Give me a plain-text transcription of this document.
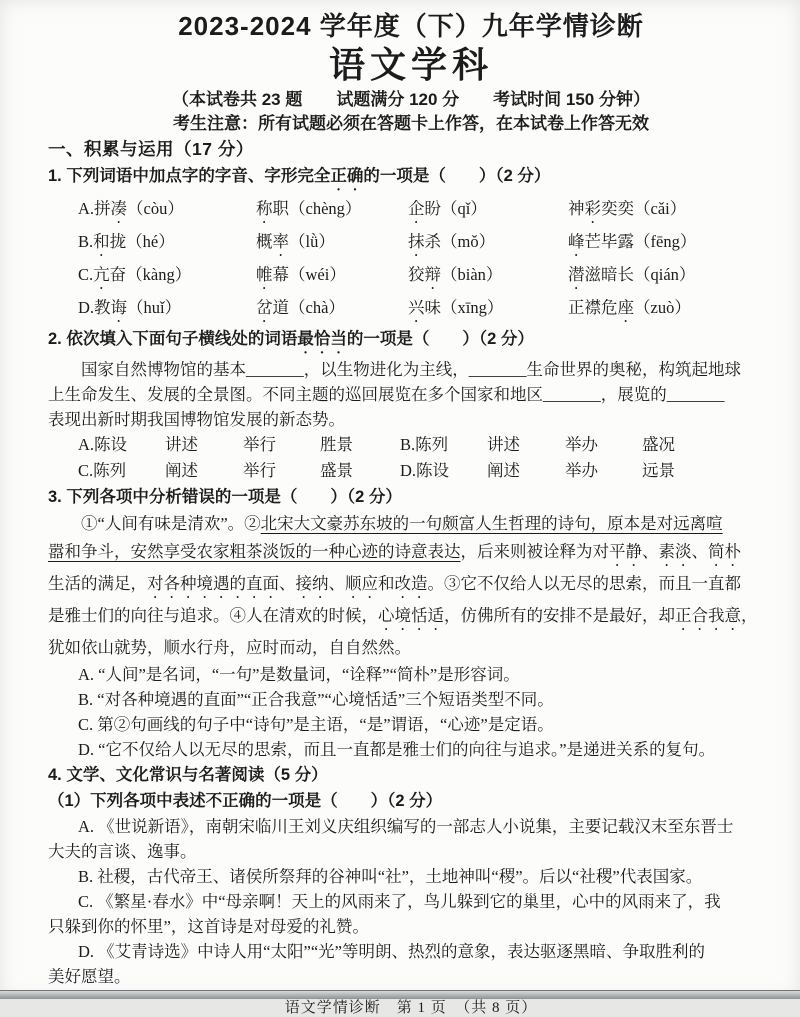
2023-2024 学年度（下）九年学情诊断
语文学科
（本试卷共 23 题　　试题满分 120 分　　考试时间 150 分钟）
考生注意：所有试题必须在答题卡上作答，在本试卷上作答无效
一、积累与运用（17 分）
1. 下列词语中加点字的字音、字形完全正确的一项是（　　）（2 分）
A.拼凑（còu）	称职（chèng）	企盼（qǐ）	神彩奕奕（cǎi）
B.和拢（hé）	概率（lǜ）	抹杀（mǒ）	峰芒毕露（fēng）
C.亢奋（kàng）	帷幕（wéi）	狡辩（biàn）	潜滋暗长（qián）
D.教诲（huǐ）	岔道（chà）	兴味（xīng）	正襟危座（zuò）
2. 依次填入下面句子横线处的词语最恰当的一项是（　　）（2 分）
国家自然博物馆的基本_______，以生物进化为主线，_______生命世界的奥秘，构筑起地球
上生命发生、发展的全景图。不同主题的巡回展览在多个国家和地区_______，展览的_______
表现出新时期我国博物馆发展的新态势。
A.陈设	讲述	举行	胜景	B.陈列	讲述	举办	盛况
C.陈列	阐述	举行	盛景	D.陈设	阐述	举办	远景
3. 下列各项中分析错误的一项是（　　）（2 分）
①“人间有味是清欢”。②北宋大文豪苏东坡的一句颇富人生哲理的诗句，原本是对远离喧
嚣和争斗，安然享受农家粗茶淡饭的一种心迹的诗意表达，后来则被诠释为对平静、素淡、简朴
生活的满足，对各种境遇的直面、接纳、顺应和改造。③它不仅给人以无尽的思索，而且一直都
是雅士们的向往与追求。④人在清欢的时候，心境恬适，仿佛所有的安排不是最好，却正合我意，
犹如依山就势，顺水行舟，应时而动，自自然然。
A. “人间”是名词，“一句”是数量词，“诠释”“简朴”是形容词。
B. “对各种境遇的直面”“正合我意”“心境恬适”三个短语类型不同。
C. 第②句画线的句子中“诗句”是主语，“是”谓语，“心迹”是定语。
D. “它不仅给人以无尽的思索，而且一直都是雅士们的向往与追求。”是递进关系的复句。
4. 文学、文化常识与名著阅读（5 分）
（1）下列各项中表述不正确的一项是（　　）（2 分）
A. 《世说新语》，南朝宋临川王刘义庆组织编写的一部志人小说集，主要记载汉末至东晋士
大夫的言谈、逸事。
B. 社稷，古代帝王、诸侯所祭拜的谷神叫“社”，土地神叫“稷”。后以“社稷”代表国家。
C. 《繁星·春水》中“母亲啊！天上的风雨来了，鸟儿躲到它的巢里，心中的风雨来了，我
只躲到你的怀里”，这首诗是对母爱的礼赞。
D. 《艾青诗选》中诗人用“太阳”“光”等明朗、热烈的意象，表达驱逐黑暗、争取胜利的
美好愿望。
语文学情诊断　第 1 页　（共 8 页）
